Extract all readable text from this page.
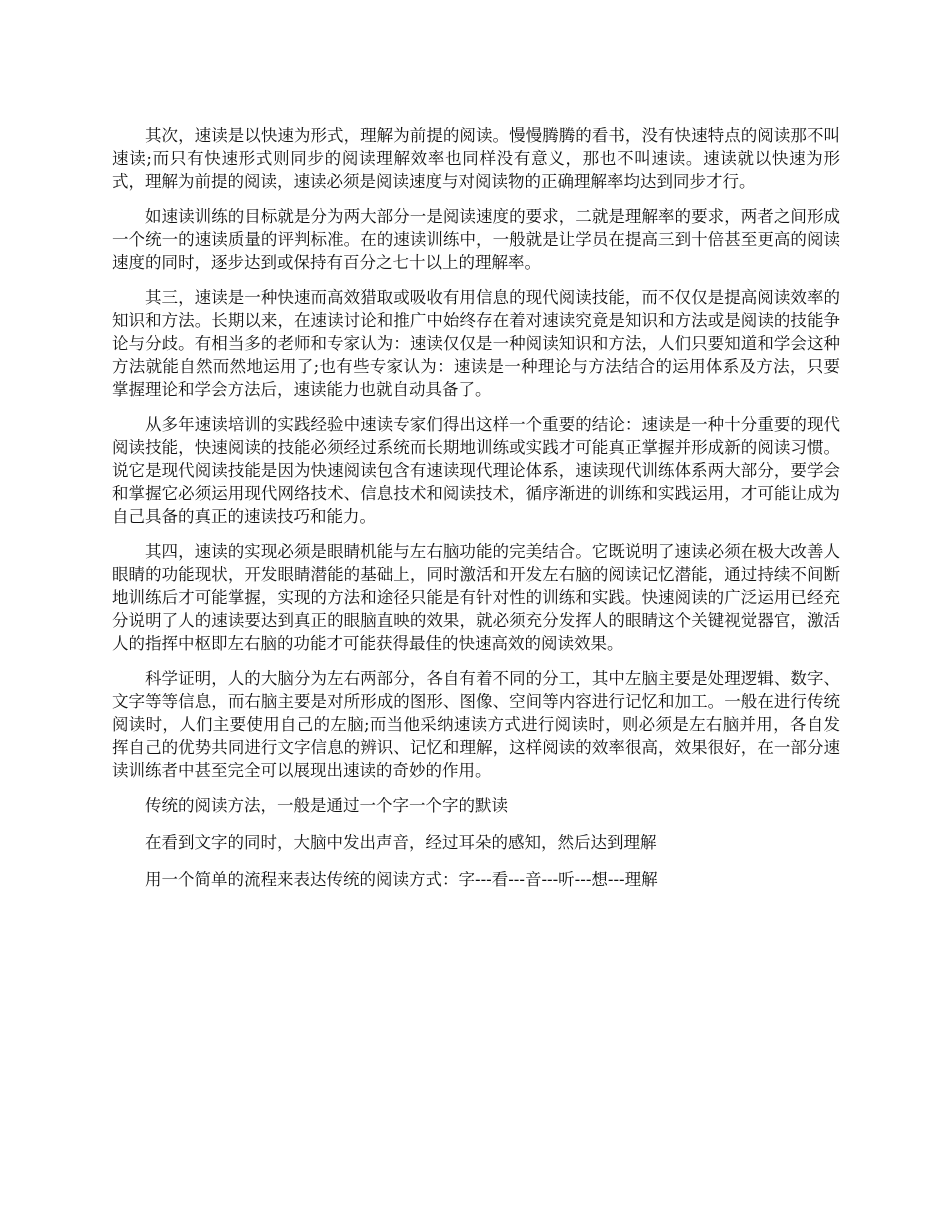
其次，速读是以快速为形式，理解为前提的阅读。慢慢腾腾的看书，没有快速特点的阅读那不叫速读;而只有快速形式则同步的阅读理解效率也同样没有意义，那也不叫速读。速读就以快速为形式，理解为前提的阅读，速读必须是阅读速度与对阅读物的正确理解率均达到同步才行。

如速读训练的目标就是分为两大部分一是阅读速度的要求，二就是理解率的要求，两者之间形成一个统一的速读质量的评判标准。在的速读训练中，一般就是让学员在提高三到十倍甚至更高的阅读速度的同时，逐步达到或保持有百分之七十以上的理解率。

其三，速读是一种快速而高效猎取或吸收有用信息的现代阅读技能，而不仅仅是提高阅读效率的知识和方法。长期以来，在速读讨论和推广中始终存在着对速读究竟是知识和方法或是阅读的技能争论与分歧。有相当多的老师和专家认为：速读仅仅是一种阅读知识和方法，人们只要知道和学会这种方法就能自然而然地运用了;也有些专家认为：速读是一种理论与方法结合的运用体系及方法，只要掌握理论和学会方法后，速读能力也就自动具备了。

从多年速读培训的实践经验中速读专家们得出这样一个重要的结论：速读是一种十分重要的现代阅读技能，快速阅读的技能必须经过系统而长期地训练或实践才可能真正掌握并形成新的阅读习惯。说它是现代阅读技能是因为快速阅读包含有速读现代理论体系，速读现代训练体系两大部分，要学会和掌握它必须运用现代网络技术、信息技术和阅读技术，循序渐进的训练和实践运用，才可能让成为自己具备的真正的速读技巧和能力。

其四，速读的实现必须是眼睛机能与左右脑功能的完美结合。它既说明了速读必须在极大改善人眼睛的功能现状，开发眼睛潜能的基础上，同时激活和开发左右脑的阅读记忆潜能，通过持续不间断地训练后才可能掌握，实现的方法和途径只能是有针对性的训练和实践。快速阅读的广泛运用已经充分说明了人的速读要达到真正的眼脑直映的效果，就必须充分发挥人的眼睛这个关键视觉器官，激活人的指挥中枢即左右脑的功能才可能获得最佳的快速高效的阅读效果。

科学证明，人的大脑分为左右两部分，各自有着不同的分工，其中左脑主要是处理逻辑、数字、文字等等信息，而右脑主要是对所形成的图形、图像、空间等内容进行记忆和加工。一般在进行传统阅读时，人们主要使用自己的左脑;而当他采纳速读方式进行阅读时，则必须是左右脑并用，各自发挥自己的优势共同进行文字信息的辨识、记忆和理解，这样阅读的效率很高，效果很好，在一部分速读训练者中甚至完全可以展现出速读的奇妙的作用。

传统的阅读方法，一般是通过一个字一个字的默读

在看到文字的同时，大脑中发出声音，经过耳朵的感知，然后达到理解

用一个简单的流程来表达传统的阅读方式：字---看---音---听---想---理解
